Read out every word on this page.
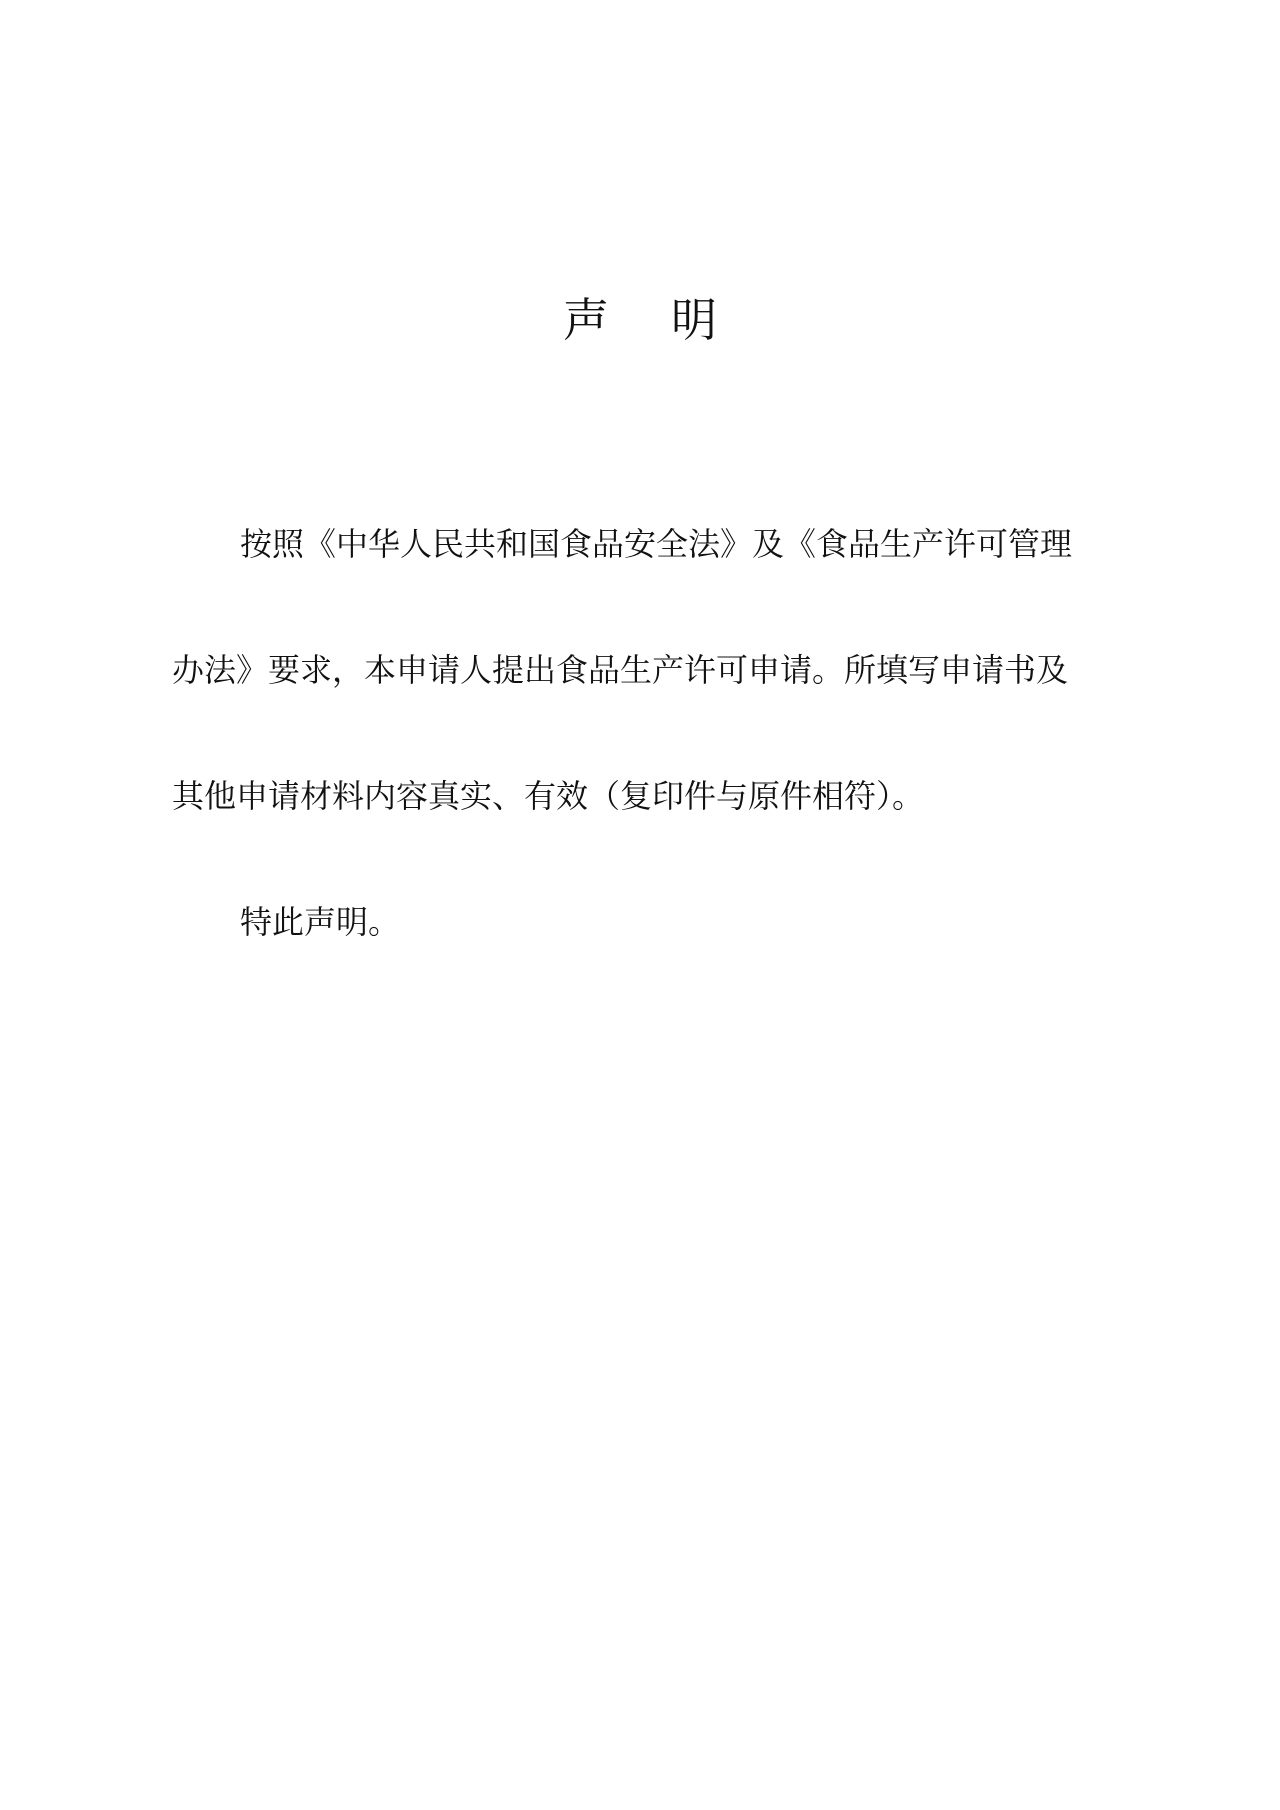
声 明
按照《中华人民共和国食品安全法》及《食品生产许可管理
办法》要求，本申请人提出食品生产许可申请。所填写申请书及
其他申请材料内容真实、有效（复印件与原件相符）。
特此声明。
